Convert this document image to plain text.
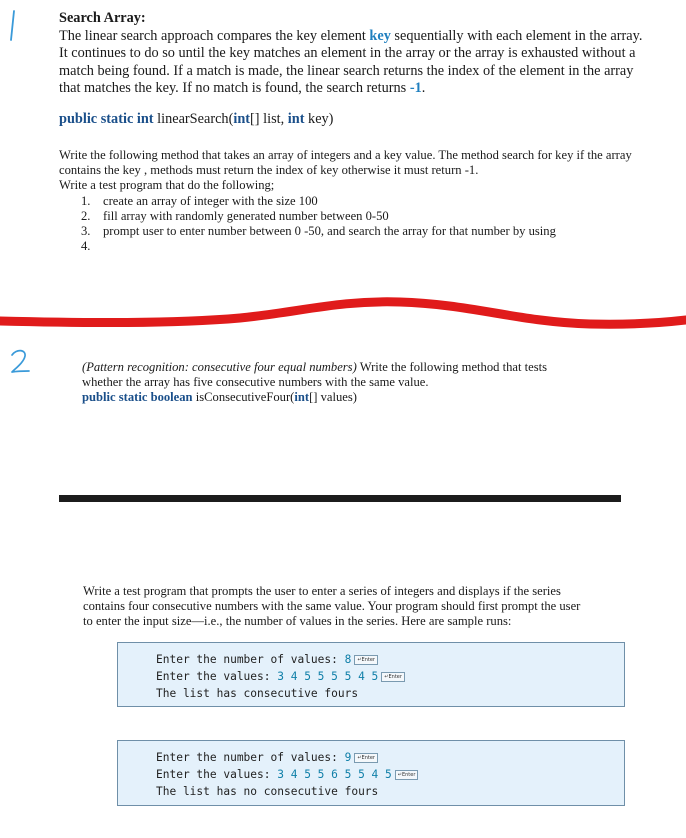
Search Array:
The linear search approach compares the key element key sequentially with each element in the array. It continues to do so until the key matches an element in the array or the array is exhausted without a match being found. If a match is made, the linear search returns the index of the element in the array that matches the key. If no match is found, the search returns -1.
public static int linearSearch(int[] list, int key)
Write the following method that takes an array of integers and a key value. The method search for key if the array contains the key , methods must return the index of key otherwise it must return -1.
Write a test program that do the following;
1. create an array of integer with the size 100
2. fill array with randomly generated number between 0-50
3. prompt user to enter number between 0 -50, and search the array for that number by using
4.
(Pattern recognition: consecutive four equal numbers) Write the following method that tests whether the array has five consecutive numbers with the same value.
public static boolean isConsecutiveFour(int[] values)
Write a test program that prompts the user to enter a series of integers and displays if the series contains four consecutive numbers with the same value. Your program should first prompt the user to enter the input size—i.e., the number of values in the series. Here are sample runs:
Enter the number of values: 8 ↵Enter
Enter the values: 3 4 5 5 5 5 4 5 ↵Enter
The list has consecutive fours
Enter the number of values: 9 ↵Enter
Enter the values: 3 4 5 5 6 5 5 4 5 ↵Enter
The list has no consecutive fours
